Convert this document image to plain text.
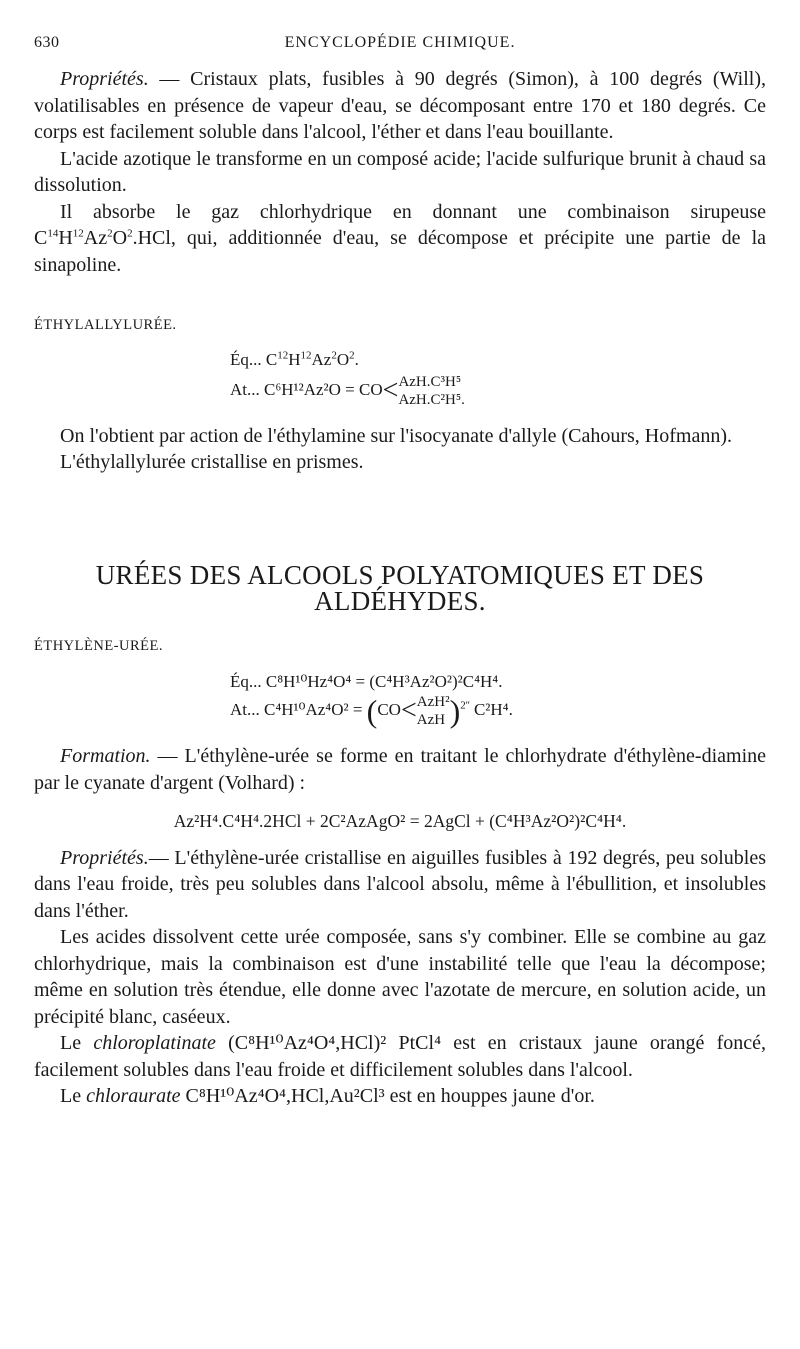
630	ENCYCLOPÉDIE CHIMIQUE.

Propriétés. — Cristaux plats, fusibles à 90 degrés (Simon), à 100 degrés (Will), volatilisables en présence de vapeur d'eau, se décomposant entre 170 et 180 degrés. Ce corps est facilement soluble dans l'alcool, l'éther et dans l'eau bouillante.

L'acide azotique le transforme en un composé acide; l'acide sulfurique brunit à chaud sa dissolution.

Il absorbe le gaz chlorhydrique en donnant une combinaison sirupeuse $C^{14}H^{12}Az^2O^2.HCl$, qui, additionnée d'eau, se décompose et précipite une partie de la sinapoline.

ÉTHYLALLYLURÉE.

Éq... $C^{12}H^{12}Az^2O^2$.
At... C⁶H¹²Az²O = CO<AzH.C³H⁵
AzH.C²H⁵.

On l'obtient par action de l'éthylamine sur l'isocyanate d'allyle (Cahours, Hofmann).

L'éthylallylurée cristallise en prismes.

URÉES DES ALCOOLS POLYATOMIQUES ET DES ALDÉHYDES.

ÉTHYLÈNE-URÉE.

Éq... C⁸H¹⁰Hz⁴O⁴ = (C⁴H³Az²O²)²C⁴H⁴.
At... C⁴H¹⁰Az⁴O² = (CO<AzH²
AzH )$^{2''}$ C²H⁴.

Formation. — L'éthylène-urée se forme en traitant le chlorhydrate d'éthylène-diamine par le cyanate d'argent (Volhard) :

Az²H⁴.C⁴H⁴.2HCl + 2C²AzAgO² = 2AgCl + (C⁴H³Az²O²)²C⁴H⁴.

Propriétés.— L'éthylène-urée cristallise en aiguilles fusibles à 192 degrés, peu solubles dans l'eau froide, très peu solubles dans l'alcool absolu, même à l'ébullition, et insolubles dans l'éther.

Les acides dissolvent cette urée composée, sans s'y combiner. Elle se combine au gaz chlorhydrique, mais la combinaison est d'une instabilité telle que l'eau la décompose; même en solution très étendue, elle donne avec l'azotate de mercure, en solution acide, un précipité blanc, caséeux.

Le chloroplatinate (C⁸H¹⁰Az⁴O⁴,HCl)² PtCl⁴ est en cristaux jaune orangé foncé, facilement solubles dans l'eau froide et difficilement solubles dans l'alcool.

Le chloraurate C⁸H¹⁰Az⁴O⁴,HCl,Au²Cl³ est en houppes jaune d'or.
